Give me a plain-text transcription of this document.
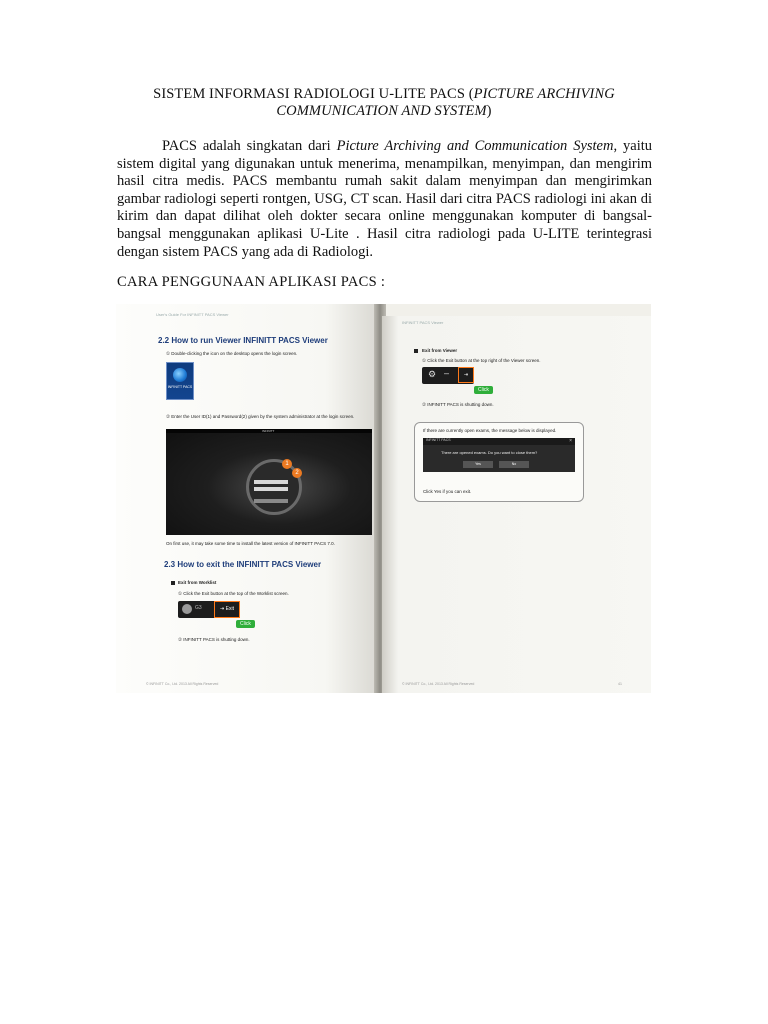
SISTEM INFORMASI RADIOLOGI U-LITE PACS (PICTURE ARCHIVING
COMMUNICATION AND SYSTEM)
PACS adalah singkatan dari Picture Archiving and Communication System, yaitu sistem digital yang digunakan untuk menerima, menampilkan, menyimpan, dan mengirim hasil citra medis. PACS membantu rumah sakit dalam menyimpan dan mengirimkan gambar radiologi seperti rontgen, USG, CT scan. Hasil dari citra PACS radiologi ini akan di kirim dan dapat dilihat oleh dokter secara online menggunakan komputer di bangsal- bangsal menggunakan aplikasi U-Lite . Hasil citra radiologi pada U-LITE terintegrasi dengan sistem PACS yang ada di Radiologi.
CARA PENGGUNAAN APLIKASI PACS :
User's Guide For INFINITT PACS Viewer
2.2 How to run Viewer INFINITT PACS Viewer
① Double-clicking the icon on the desktop opens the login screen.
INFINITT PACS
② Enter the User ID(1) and Password(2) given by the system administrator at the login screen.
INFINITT
1
2
On first use, it may take some time to install the latest version of INFINITT PACS 7.0.
2.3 How to exit the INFINITT PACS Viewer
Exit from Worklist
① Click the Exit button at the top of the Worklist screen.
G3	⇥ Exit
Click
② INFINITT PACS is shutting down.
© INFINITT Co., Ltd. 2013 All Rights Reserved
INFINITT PACS Viewer
Exit from Viewer
① Click the Exit button at the top right of the Viewer screen.
⚙ –	⇥
Click
② INFINITT PACS is shutting down.
If there are currently open exams, the message below is displayed.
INFINITT PACS	×
There are opened exams. Do you want to close them?
Yes	No
Click Yes if you can exit.
© INFINITT Co., Ltd. 2013 All Rights Reserved	41
